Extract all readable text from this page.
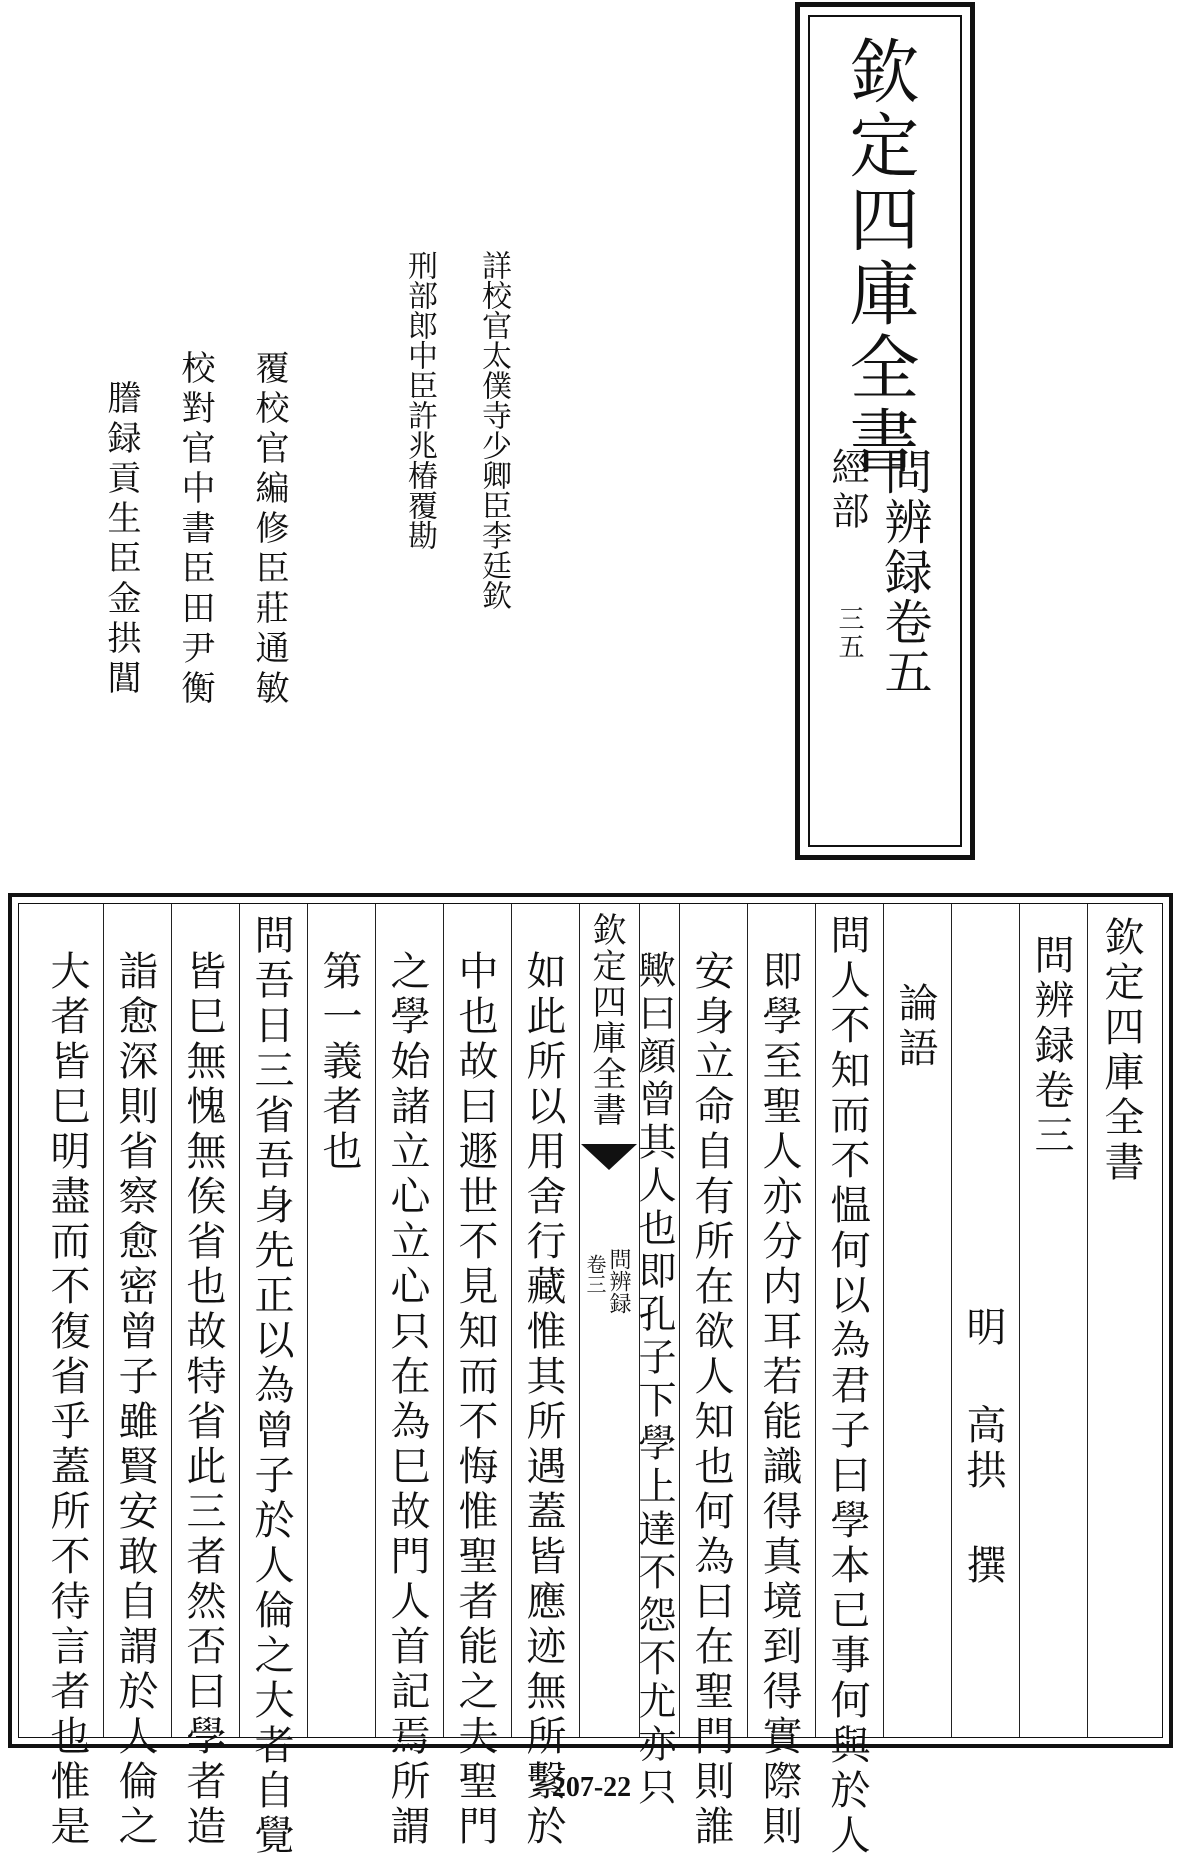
欽定四庫全書
經部 問辨録卷五
三五
詳校官太僕寺少卿臣李廷欽
刑部郎中臣許兆椿覆勘
覆校官編修臣莊通敏
校對官中書臣田尹衡
謄録貢生臣金拱閶
欽定四庫全書
問辨録卷三
明
高拱
撰
論語
問人不知而不愠何以為君子曰學本已事何與於人
即學至聖人亦分内耳若能識得真境到得實際則
安身立命自有所在欲人知也何為曰在聖門則誰
歟曰顔曾其人也即孔子下學上達不怨不尤亦只
欽定四庫全書
問辨録
卷三
如此所以用舍行藏惟其所遇蓋皆應迹無所繫於
中也故曰遯世不見知而不悔惟聖者能之夫聖門
之學始諸立心立心只在為巳故門人首記焉所謂
第一義者也
問吾日三省吾身先正以為曾子於人倫之大者自覺
皆巳無愧無俟省也故特省此三者然否曰學者造
詣愈深則省察愈密曾子雖賢安敢自謂於人倫之
大者皆巳明盡而不復省乎蓋所不待言者也惟是	207-22
